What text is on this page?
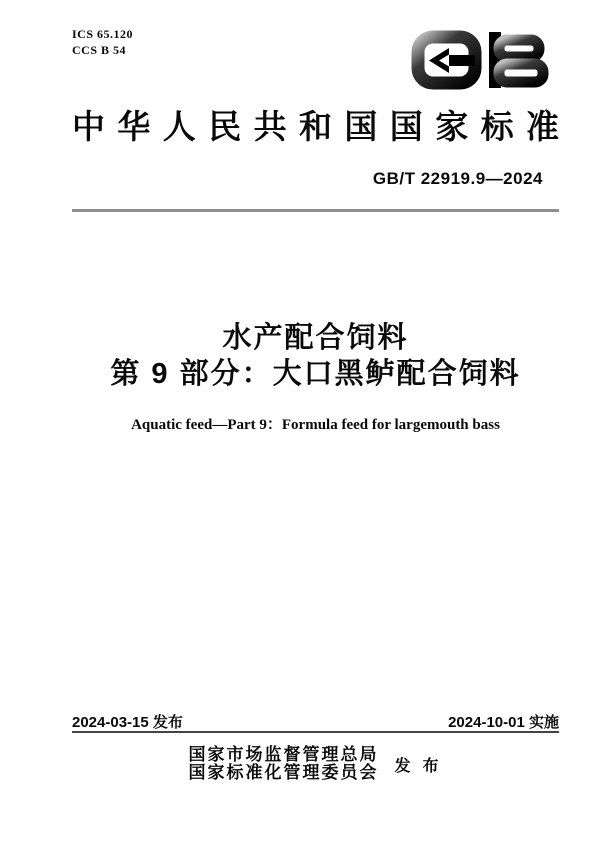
ICS 65.120
CCS B 54
中华人民共和国国家标准
GB/T 22919.9—2024
水产配合饲料
第 9 部分：大口黑鲈配合饲料
Aquatic feed—Part 9：Formula feed for largemouth bass
2024-03-15 发布	2024-10-01 实施
国家市场监督管理总局
国家标准化管理委员会 发 布
